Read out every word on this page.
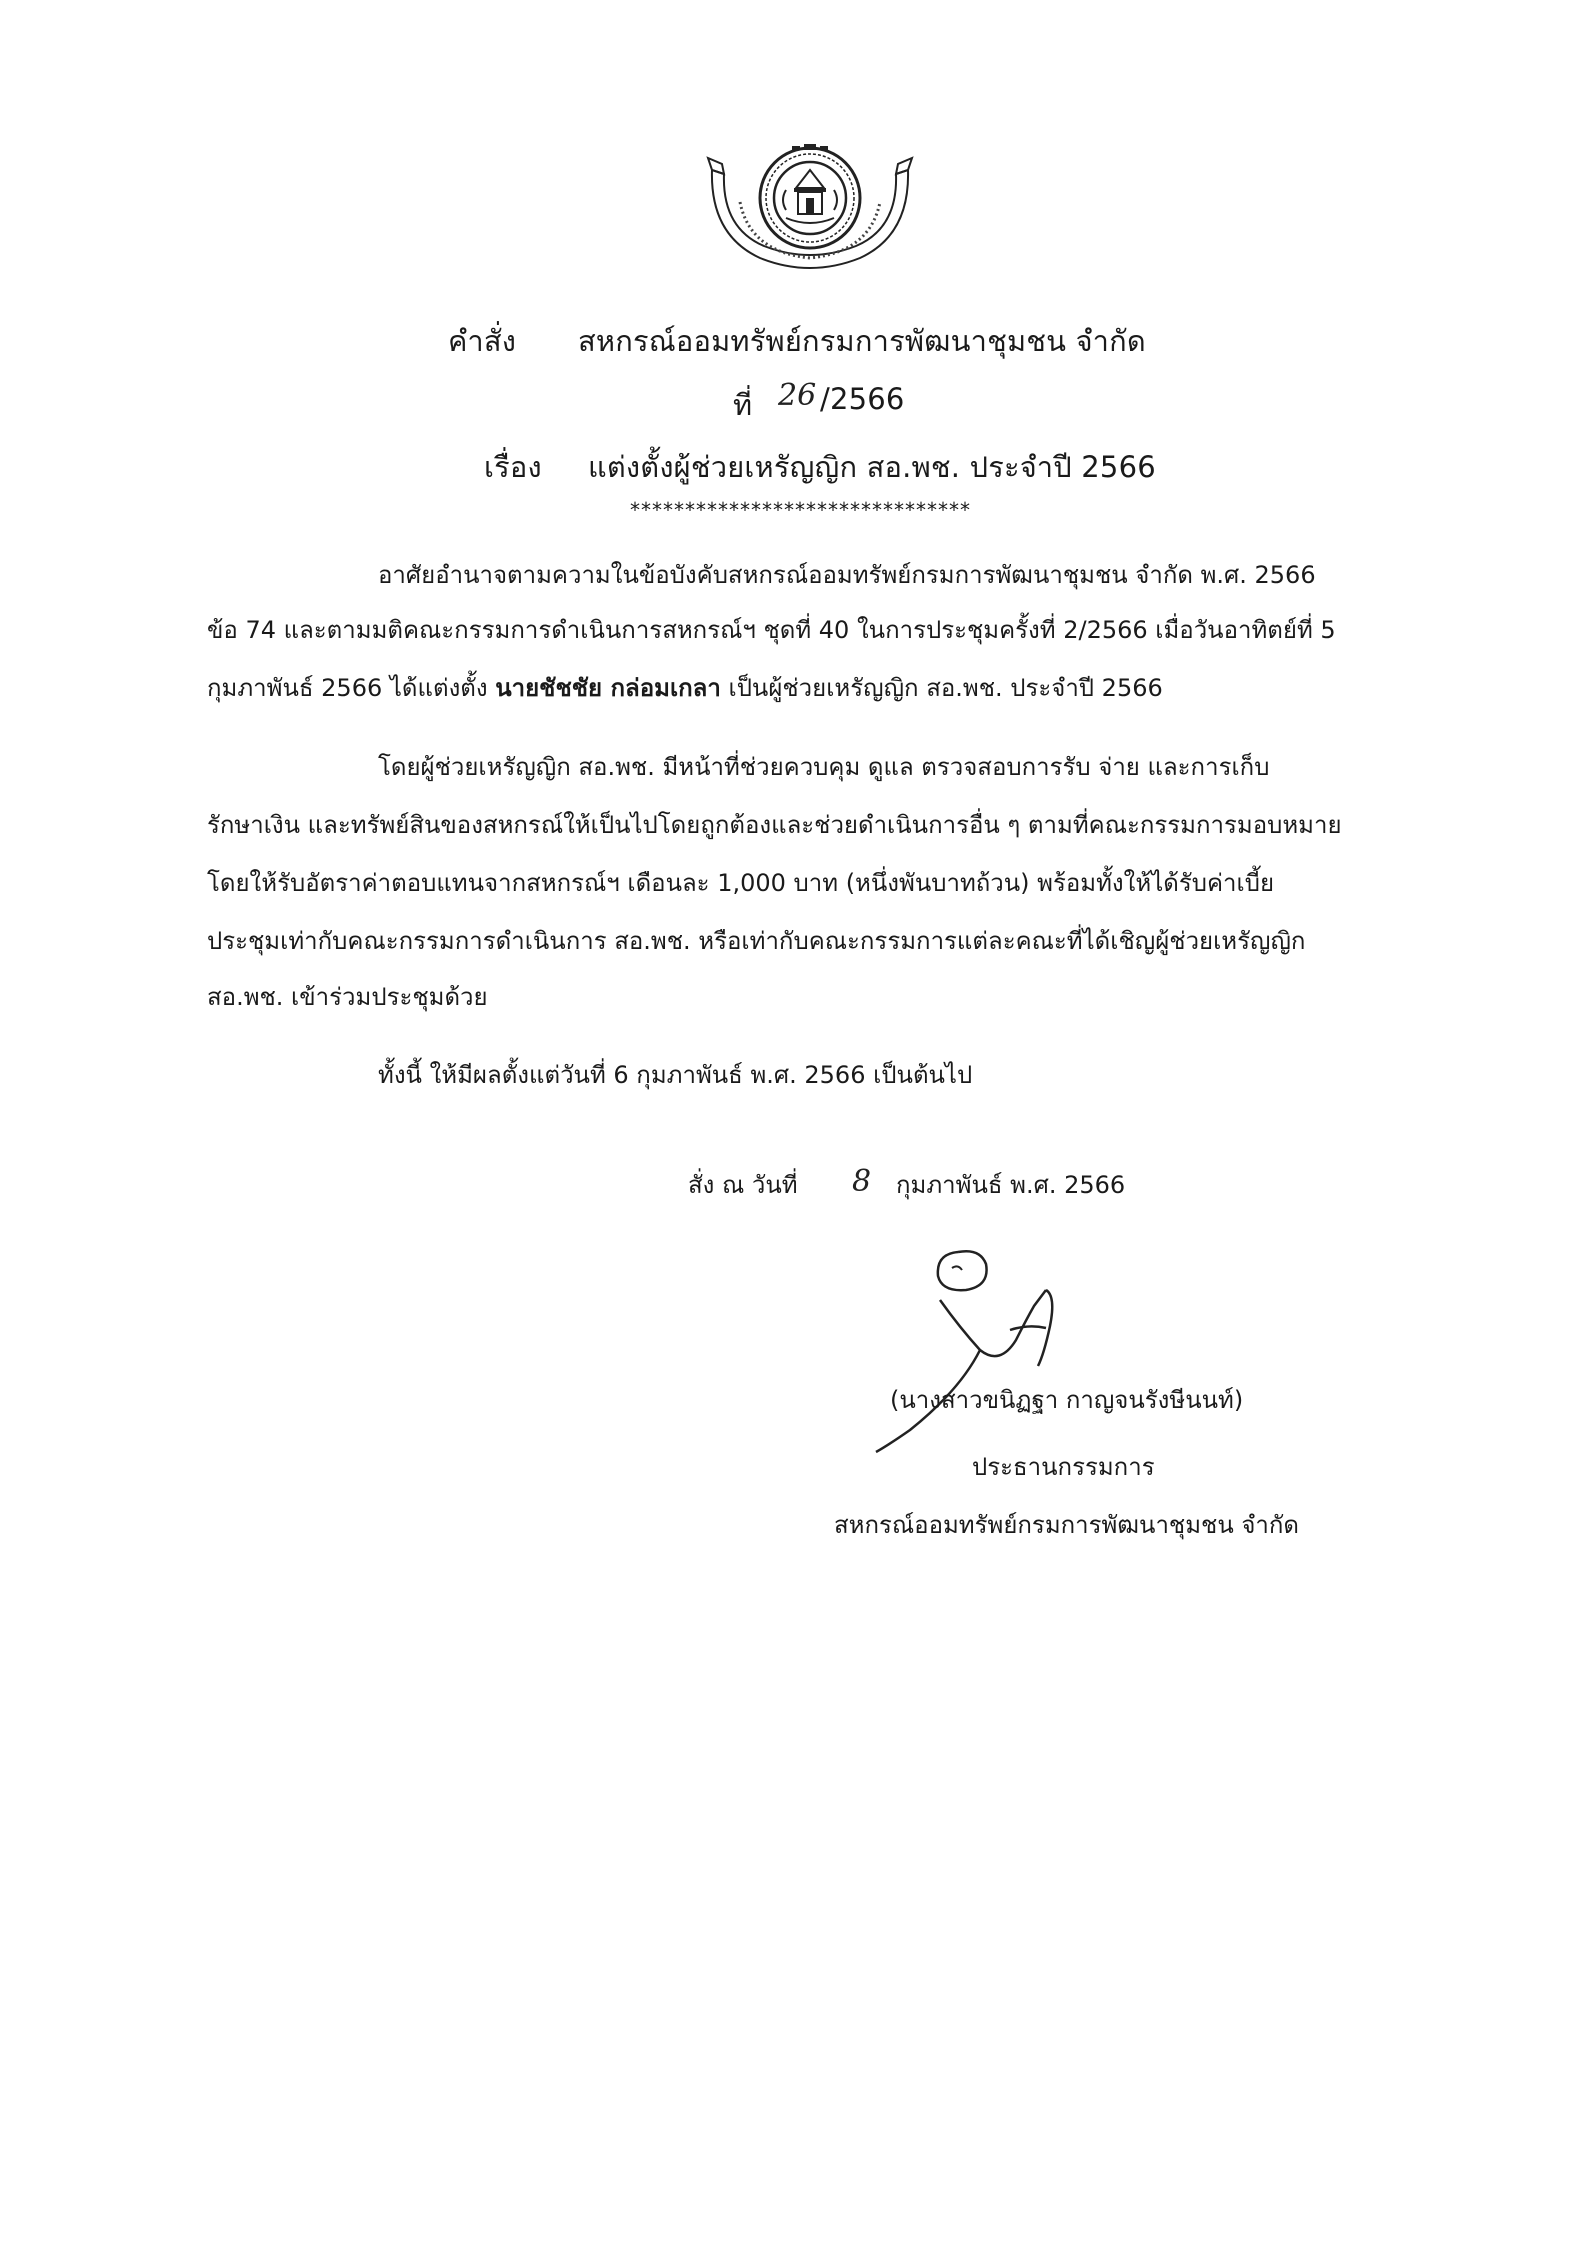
คำสั่ง สหกรณ์ออมทรัพย์กรมการพัฒนาชุมชน จำกัด
ที่ 26 /2566
เรื่อง แต่งตั้งผู้ช่วยเหรัญญิก สอ.พช. ประจำปี 2566
*******************************
อาศัยอำนาจตามความในข้อบังคับสหกรณ์ออมทรัพย์กรมการพัฒนาชุมชน จำกัด พ.ศ. 2566
ข้อ 74 และตามมติคณะกรรมการดำเนินการสหกรณ์ฯ ชุดที่ 40 ในการประชุมครั้งที่ 2/2566 เมื่อวันอาทิตย์ที่ 5
กุมภาพันธ์ 2566 ได้แต่งตั้ง นายชัชชัย กล่อมเกลา เป็นผู้ช่วยเหรัญญิก สอ.พช. ประจำปี 2566
โดยผู้ช่วยเหรัญญิก สอ.พช. มีหน้าที่ช่วยควบคุม ดูแล ตรวจสอบการรับ จ่าย และการเก็บ
รักษาเงิน และทรัพย์สินของสหกรณ์ให้เป็นไปโดยถูกต้องและช่วยดำเนินการอื่น ๆ ตามที่คณะกรรมการมอบหมาย
โดยให้รับอัตราค่าตอบแทนจากสหกรณ์ฯ เดือนละ 1,000 บาท (หนึ่งพันบาทถ้วน) พร้อมทั้งให้ได้รับค่าเบี้ย
ประชุมเท่ากับคณะกรรมการดำเนินการ สอ.พช. หรือเท่ากับคณะกรรมการแต่ละคณะที่ได้เชิญผู้ช่วยเหรัญญิก
สอ.พช. เข้าร่วมประชุมด้วย
ทั้งนี้ ให้มีผลตั้งแต่วันที่ 6 กุมภาพันธ์ พ.ศ. 2566 เป็นต้นไป
สั่ง ณ วันที่ 8 กุมภาพันธ์ พ.ศ. 2566
(นางสาวขนิฏฐา กาญจนรังษีนนท์)
ประธานกรรมการ
สหกรณ์ออมทรัพย์กรมการพัฒนาชุมชน จำกัด
